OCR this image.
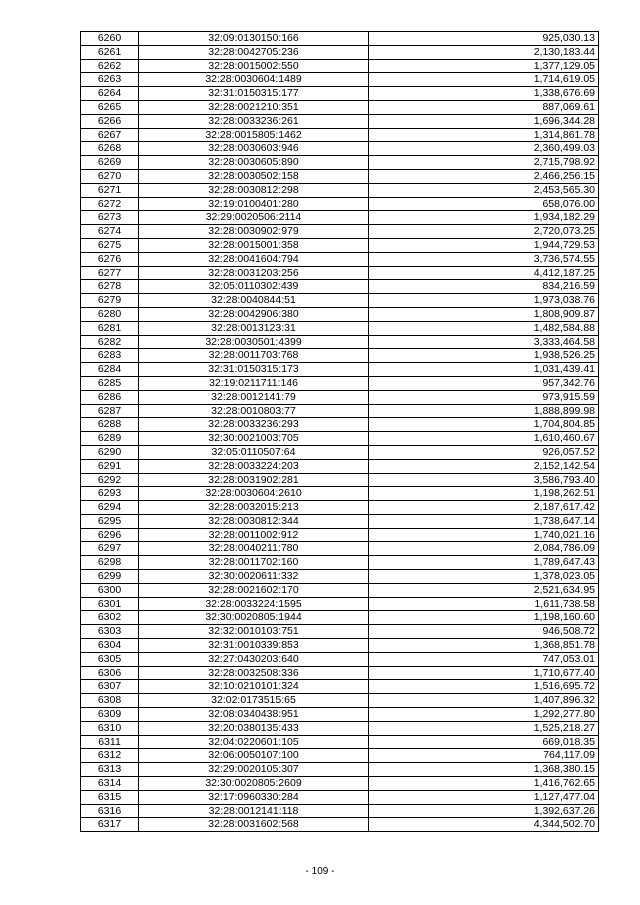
6260	32:09:0130150:166	925,030.13
6261	32:28:0042705:236	2,130,183.44
6262	32:28:0015002:550	1,377,129.05
6263	32:28:0030604:1489	1,714,619.05
6264	32:31:0150315:177	1,338,676.69
6265	32:28:0021210:351	887,069.61
6266	32:28:0033236:261	1,696,344.28
6267	32:28:0015805:1462	1,314,861.78
6268	32:28:0030603:946	2,360,499.03
6269	32:28:0030605:890	2,715,798.92
6270	32:28:0030502:158	2,466,256.15
6271	32:28:0030812:298	2,453,565.30
6272	32:19:0100401:280	658,076.00
6273	32:29:0020506:2114	1,934,182.29
6274	32:28:0030902:979	2,720,073.25
6275	32:28:0015001:358	1,944,729.53
6276	32:28:0041604:794	3,736,574.55
6277	32:28:0031203:256	4,412,187.25
6278	32:05:0110302:439	834,216.59
6279	32:28:0040844:51	1,973,038.76
6280	32:28:0042906:380	1,808,909.87
6281	32:28:0013123:31	1,482,584.88
6282	32:28:0030501:4399	3,333,464.58
6283	32:28:0011703:768	1,938,526.25
6284	32:31:0150315:173	1,031,439.41
6285	32:19:0211711:146	957,342.76
6286	32:28:0012141:79	973,915.59
6287	32:28:0010803:77	1,888,899.98
6288	32:28:0033236:293	1,704,804.85
6289	32:30:0021003:705	1,610,460.67
6290	32:05:0110507:64	926,057.52
6291	32:28:0033224:203	2,152,142.54
6292	32:28:0031902:281	3,586,793.40
6293	32:28:0030604:2610	1,198,262.51
6294	32:28:0032015:213	2,187,617.42
6295	32:28:0030812:344	1,738,647.14
6296	32:28:0011002:912	1,740,021.16
6297	32:28:0040211:780	2,084,786.09
6298	32:28:0011702:160	1,789,647.43
6299	32:30:0020611:332	1,378,023.05
6300	32:28:0021602:170	2,521,634.95
6301	32:28:0033224:1595	1,611,738.58
6302	32:30:0020805:1944	1,198,160.60
6303	32:32:0010103:751	946,508.72
6304	32:31:0010339:853	1,368,851.78
6305	32:27:0430203:640	747,053.01
6306	32:28:0032508:336	1,710,677.40
6307	32:10:0210101:324	1,516,695.72
6308	32:02:0173515:65	1,407,896.32
6309	32:08:0340438:951	1,292,277.80
6310	32:20:0380135:433	1,525,218.27
6311	32:04:0220601:105	669,018.35
6312	32:06:0050107:100	764,117.09
6313	32:29:0020105:307	1,368,380.15
6314	32:30:0020805:2609	1,416,762.65
6315	32:17:0960330:284	1,127,477.04
6316	32:28:0012141:118	1,392,637.26
6317	32:28:0031602:568	4,344,502.70
- 109 -
